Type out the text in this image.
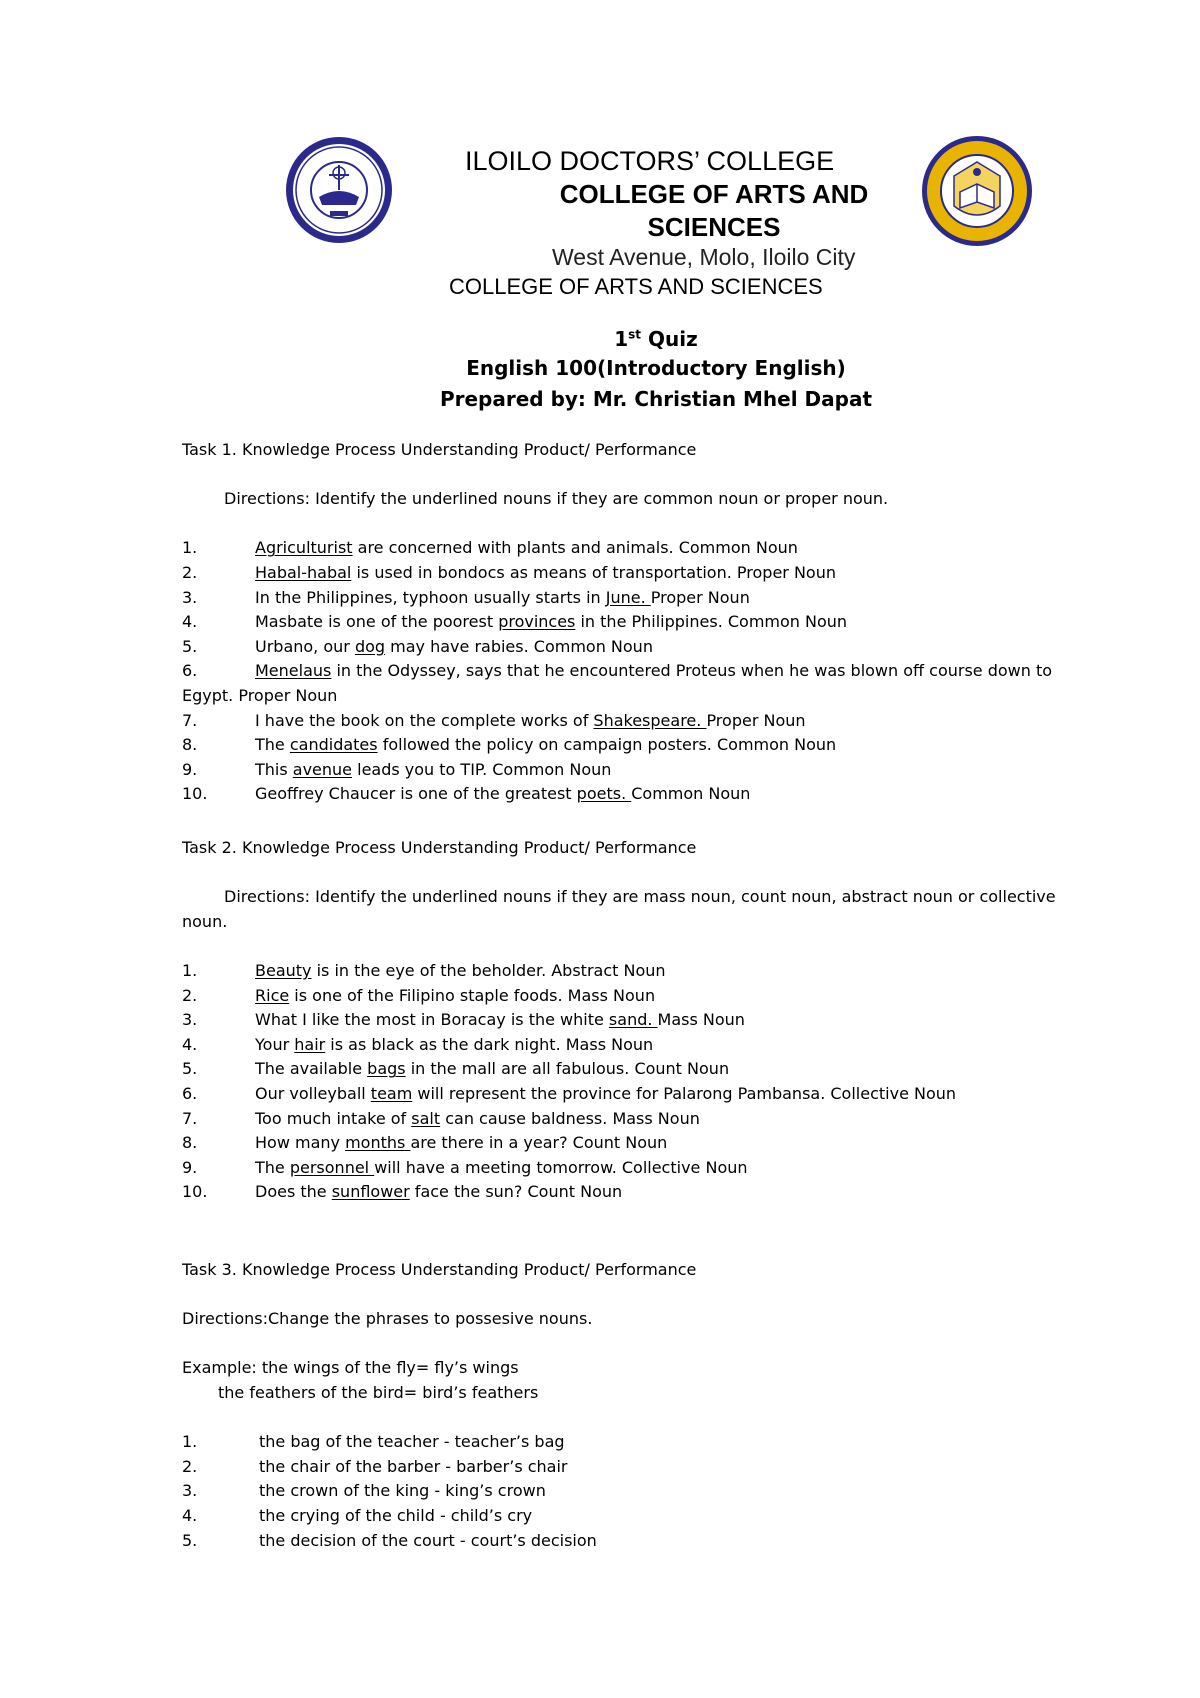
ILOILO DOCTORS’ COLLEGE
COLLEGE OF ARTS AND SCIENCES
West Avenue, Molo, Iloilo City
COLLEGE OF ARTS AND SCIENCES
1st Quiz
English 100(Introductory English)
Prepared by: Mr. Christian Mhel Dapat

Task 1. Knowledge Process Understanding Product/ Performance

Directions: Identify the underlined nouns if they are common noun or proper noun.

1.	Agriculturist are concerned with plants and animals. Common Noun
2.	Habal-habal is used in bondocs as means of transportation. Proper Noun
3.	In the Philippines, typhoon usually starts in June. Proper Noun
4.	Masbate is one of the poorest provinces in the Philippines. Common Noun
5.	Urbano, our dog may have rabies. Common Noun
6.	Menelaus in the Odyssey, says that he encountered Proteus when he was blown off course down to Egypt. Proper Noun
7.	I have the book on the complete works of Shakespeare. Proper Noun
8.	The candidates followed the policy on campaign posters. Common Noun
9.	This avenue leads you to TIP. Common Noun
10.	Geoffrey Chaucer is one of the greatest poets. Common Noun

Task 2. Knowledge Process Understanding Product/ Performance

Directions: Identify the underlined nouns if they are mass noun, count noun, abstract noun or collective noun.

1.	Beauty is in the eye of the beholder. Abstract Noun
2.	Rice is one of the Filipino staple foods. Mass Noun
3.	What I like the most in Boracay is the white sand. Mass Noun
4.	Your hair is as black as the dark night. Mass Noun
5.	The available bags in the mall are all fabulous. Count Noun
6.	Our volleyball team will represent the province for Palarong Pambansa. Collective Noun
7.	Too much intake of salt can cause baldness. Mass Noun
8.	How many months are there in a year? Count Noun
9.	The personnel will have a meeting tomorrow. Collective Noun
10.	Does the sunflower face the sun? Count Noun

Task 3. Knowledge Process Understanding Product/ Performance

Directions:Change the phrases to possesive nouns.

Example: the wings of the fly= fly’s wings

the feathers of the bird= bird’s feathers

1.	the bag of the teacher - teacher’s bag
2.	the chair of the barber - barber’s chair
3.	the crown of the king - king’s crown
4.	the crying of the child - child’s cry
5.	the decision of the court - court’s decision
